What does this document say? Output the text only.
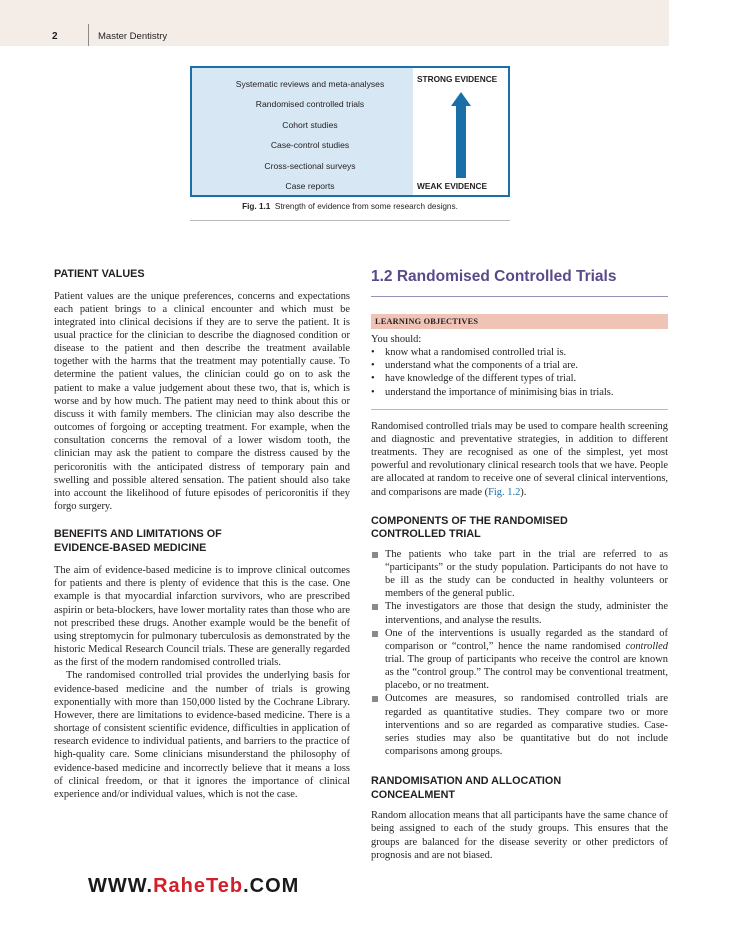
2	Master Dentistry
Systematic reviews and meta-analyses
Randomised controlled trials
Cohort studies
Case-control studies
Cross-sectional surveys
Case reports
STRONG EVIDENCE
WEAK EVIDENCE
Fig. 1.1 Strength of evidence from some research designs.
PATIENT VALUES

Patient values are the unique preferences, concerns and expectations each patient brings to a clinical encounter and which must be integrated into clinical decisions if they are to serve the patient. It is usual practice for the clinician to describe the diagnosed condition or disease to the patient and then describe the treatment available together with the harms that the treatment may potentially cause. To determine the patient values, the clinician could go on to ask the patient to make a value judgement about these two, that is, which is worse and by how much. The patient may need to think about this or discuss it with family members. The clinician may also describe the outcomes of forgoing or accepting treatment. For example, when the consultation concerns the removal of a lower wisdom tooth, the clinician may ask the patient to compare the distress caused by the pericoronitis with the anticipated distress of temporary pain and swelling and possible altered sensation. The patient should also take into account the likelihood of future episodes of pericoronitis if they forgo surgery.

BENEFITS AND LIMITATIONS OF
EVIDENCE-BASED MEDICINE

The aim of evidence-based medicine is to improve clinical outcomes for patients and there is plenty of evidence that this is the case. One example is that myocardial infarction survivors, who are prescribed aspirin or beta-blockers, have lower mortality rates than those who are not prescribed these drugs. Another example would be the benefit of using streptomycin for pulmonary tuberculosis as demonstrated by the historic Medical Research Council trials. These are generally regarded as the first of the modern randomised controlled trials.

The randomised controlled trial provides the underlying basis for evidence-based medicine and the number of trials is growing exponentially with more than 150,000 listed by the Cochrane Library. However, there are limitations to evidence-based medicine. There is a shortage of consistent scientific evidence, difficulties in application of research evidence to individual patients, and barriers to the practice of high-quality care. Some clinicians misunderstand the philosophy of evidence-based medicine and incorrectly believe that it means a loss of clinical freedom, or that it ignores the importance of clinical experience and/or individual values, which is not the case.

1.2 Randomised Controlled Trials
LEARNING OBJECTIVES

You should:

• know what a randomised controlled trial is.
• understand what the components of a trial are.
• have knowledge of the different types of trial.
• understand the importance of minimising bias in trials.

Randomised controlled trials may be used to compare health screening and diagnostic and preventative strategies, in addition to different treatments. They are recognised as one of the simplest, yet most powerful and revolutionary clinical research tools that we have. People are allocated at random to receive one of several clinical interventions, and comparisons are made (Fig. 1.2).

COMPONENTS OF THE RANDOMISED
CONTROLLED TRIAL
The patients who take part in the trial are referred to as “participants” or the study population. Participants do not have to be ill as the study can be conducted in healthy volunteers or members of the general public.
The investigators are those that design the study, administer the interventions, and analyse the results.
One of the interventions is usually regarded as the standard of comparison or “control,” hence the name randomised controlled trial. The group of participants who receive the control are known as the “control group.” The control may be conventional treatment, placebo, or no treatment.
Outcomes are measures, so randomised controlled trials are regarded as quantitative studies. They compare two or more interventions and so are regarded as comparative studies. Case-series studies may also be quantitative but do not include comparisons among groups.
RANDOMISATION AND ALLOCATION
CONCEALMENT

Random allocation means that all participants have the same chance of being assigned to each of the study groups. This ensures that the groups are balanced for the disease severity or other predictors of prognosis and are not biased.

WWW.RaheTeb.COM
